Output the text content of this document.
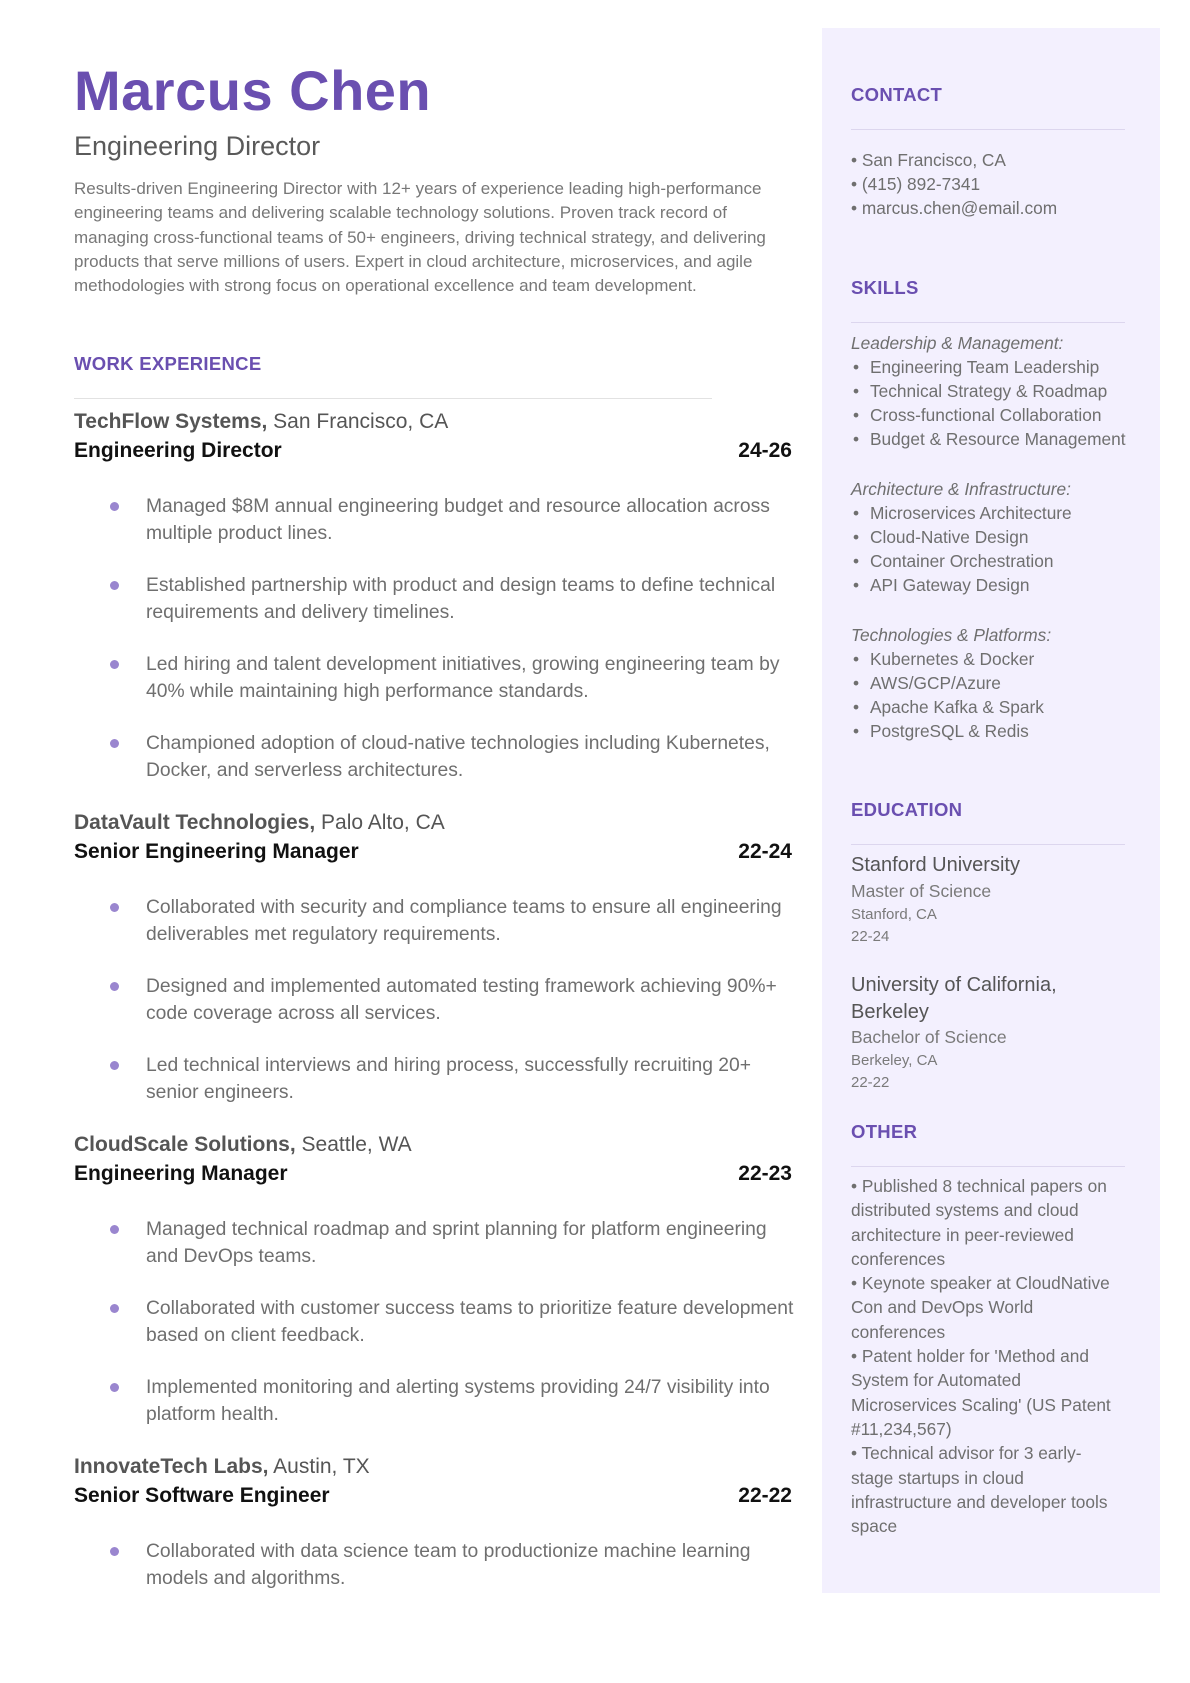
Marcus Chen
Engineering Director
Results-driven Engineering Director with 12+ years of experience leading high-performance engineering teams and delivering scalable technology solutions. Proven track record of managing cross-functional teams of 50+ engineers, driving technical strategy, and delivering products that serve millions of users. Expert in cloud architecture, microservices, and agile methodologies with strong focus on operational excellence and team development.
WORK EXPERIENCE
TechFlow Systems, San Francisco, CA
Engineering Director	24-26
Managed $8M annual engineering budget and resource allocation across multiple product lines.
Established partnership with product and design teams to define technical requirements and delivery timelines.
Led hiring and talent development initiatives, growing engineering team by 40% while maintaining high performance standards.
Championed adoption of cloud-native technologies including Kubernetes, Docker, and serverless architectures.
DataVault Technologies, Palo Alto, CA
Senior Engineering Manager	22-24
Collaborated with security and compliance teams to ensure all engineering deliverables met regulatory requirements.
Designed and implemented automated testing framework achieving 90%+ code coverage across all services.
Led technical interviews and hiring process, successfully recruiting 20+ senior engineers.
CloudScale Solutions, Seattle, WA
Engineering Manager	22-23
Managed technical roadmap and sprint planning for platform engineering and DevOps teams.
Collaborated with customer success teams to prioritize feature development based on client feedback.
Implemented monitoring and alerting systems providing 24/7 visibility into platform health.
InnovateTech Labs, Austin, TX
Senior Software Engineer	22-22
Collaborated with data science team to productionize machine learning models and algorithms.
CONTACT
• San Francisco, CA
• (415) 892-7341
• marcus.chen@email.com
SKILLS
Leadership & Management:
• Engineering Team Leadership
• Technical Strategy & Roadmap
• Cross-functional Collaboration
• Budget & Resource Management
Architecture & Infrastructure:
• Microservices Architecture
• Cloud-Native Design
• Container Orchestration
• API Gateway Design
Technologies & Platforms:
• Kubernetes & Docker
• AWS/GCP/Azure
• Apache Kafka & Spark
• PostgreSQL & Redis
EDUCATION
Stanford University
Master of Science
Stanford, CA
22-24
University of California, Berkeley
Bachelor of Science
Berkeley, CA
22-22
OTHER
• Published 8 technical papers on distributed systems and cloud architecture in peer-reviewed conferences
• Keynote speaker at CloudNative Con and DevOps World conferences
• Patent holder for 'Method and System for Automated Microservices Scaling' (US Patent #11,234,567)
• Technical advisor for 3 early-stage startups in cloud infrastructure and developer tools space
